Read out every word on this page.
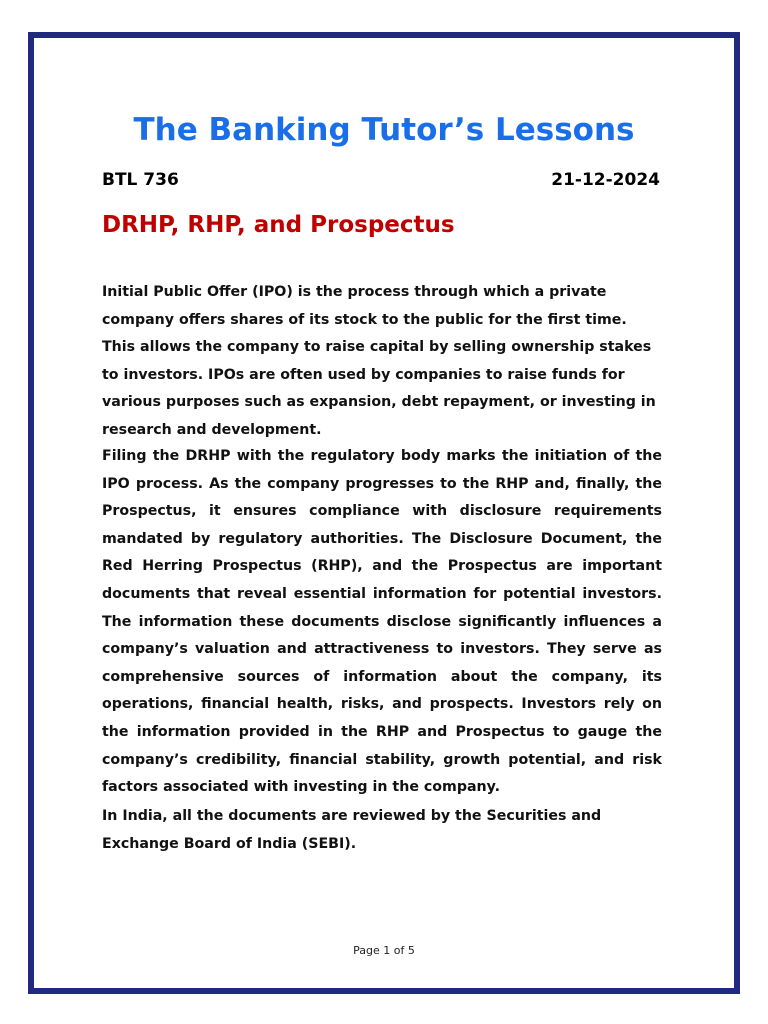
The Banking Tutor’s Lessons
BTL 736	21-12-2024
DRHP, RHP, and Prospectus

Initial Public Offer (IPO) is the process through which a private company offers shares of its stock to the public for the first time. This allows the company to raise capital by selling ownership stakes to investors. IPOs are often used by companies to raise funds for various purposes such as expansion, debt repayment, or investing in research and development.

Filing the DRHP with the regulatory body marks the initiation of the IPO process. As the company progresses to the RHP and, finally, the Prospectus, it ensures compliance with disclosure requirements mandated by regulatory authorities. The Disclosure Document, the Red Herring Prospectus (RHP), and the Prospectus are important documents that reveal essential information for potential investors. The information these documents disclose significantly influences a company’s valuation and attractiveness to investors. They serve as comprehensive sources of information about the company, its operations, financial health, risks, and prospects. Investors rely on the information provided in the RHP and Prospectus to gauge the company’s credibility, financial stability, growth potential, and risk factors associated with investing in the company.

In India, all the documents are reviewed by the Securities and Exchange Board of India (SEBI).

Page 1 of 5
